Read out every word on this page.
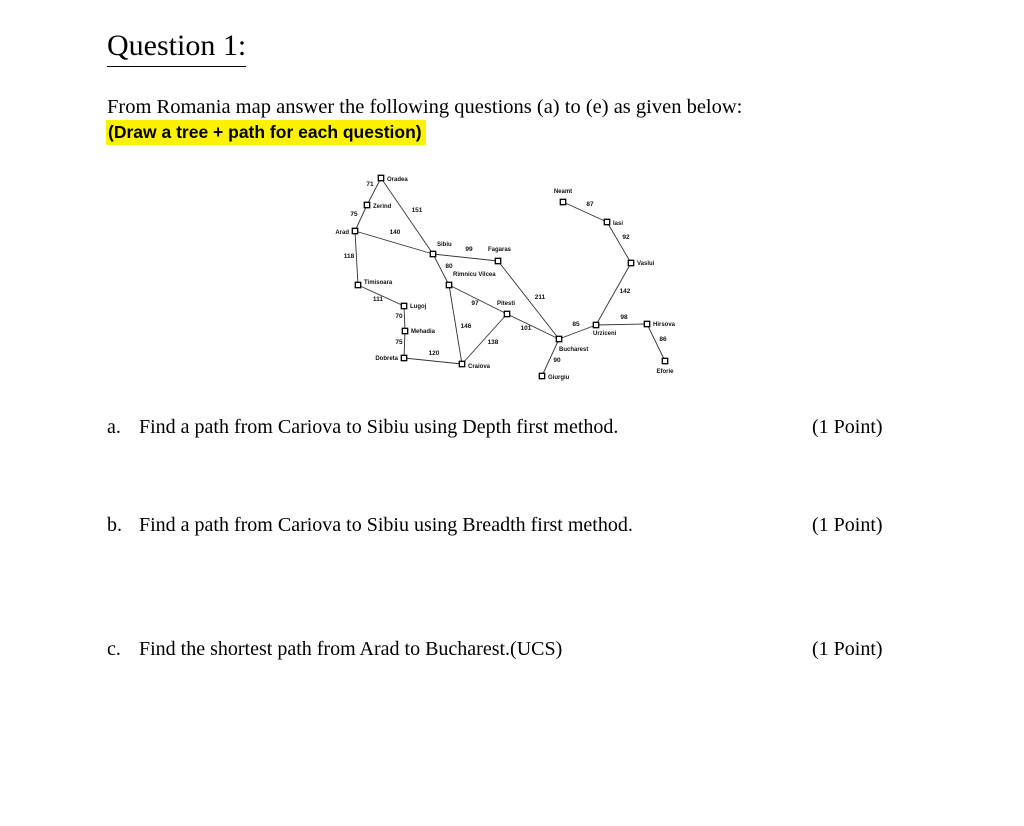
Question 1:
From Romania map answer the following questions (a) to (e) as given below:
(Draw a tree + path for each question)
71
75
151
140
118
111
70
75
120
99
80
97
146
138
101
211
90
85
98
86
142
92
87
Oradea
Zerind
Arad
Timisoara
Lugoj
Mehadia
Dobreta
Sibiu
Rimnicu Vilcea
Fagaras
Pitesti
Craiova
Bucharest
Giurgiu
Urziceni
Hirsova
Eforie
Vaslui
Iasi
Neamt
a. Find a path from Cariova to Sibiu using Depth first method.	(1 Point)
b. Find a path from Cariova to Sibiu using Breadth first method.	(1 Point)
c. Find the shortest path from Arad to Bucharest.(UCS)	(1 Point)
